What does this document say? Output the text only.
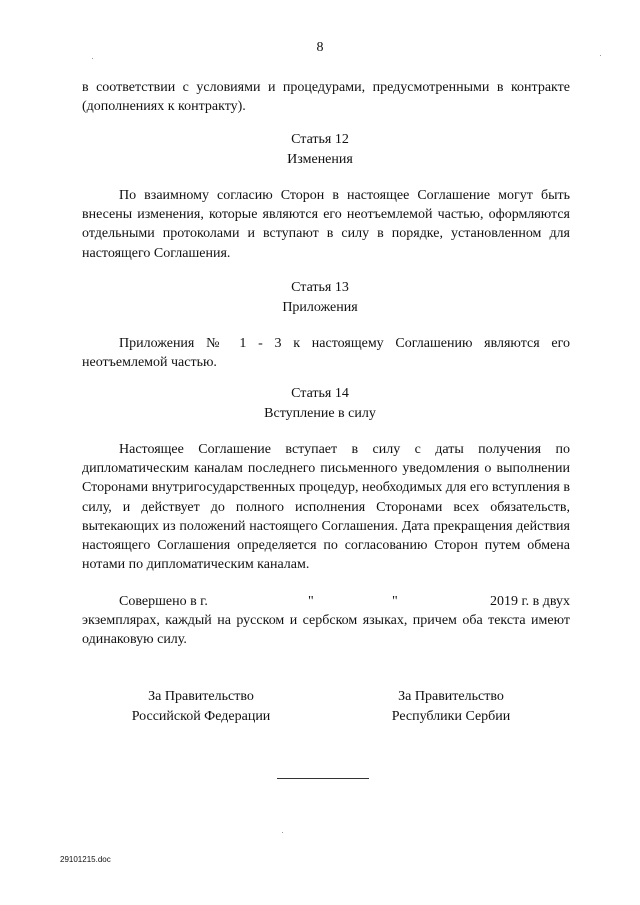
8

в соответствии с условиями и процедурами, предусмотренными в контракте (дополнениях к контракту).

Статья 12
Изменения

По взаимному согласию Сторон в настоящее Соглашение могут быть внесены изменения, которые являются его неотъемлемой частью, оформляются отдельными протоколами и вступают в силу в порядке, установленном для настоящего Соглашения.

Статья 13
Приложения

Приложения № 1 - 3 к настоящему Соглашению являются его неотъемлемой частью.

Статья 14
Вступление в силу

Настоящее Соглашение вступает в силу с даты получения по дипломатическим каналам последнего письменного уведомления о выполнении Сторонами внутригосударственных процедур, необходимых для его вступления в силу, и действует до полного исполнения Сторонами всех обязательств, вытекающих из положений настоящего Соглашения. Дата прекращения действия настоящего Соглашения определяется по согласованию Сторон путем обмена нотами по дипломатическим каналам.

Совершено в г.	"	"	2019 г. в двух

экземплярах, каждый на русском и сербском языках, причем оба текста имеют одинаковую силу.

За Правительство
Российской Федерации
За Правительство
Республики Сербии
29101215.doc
